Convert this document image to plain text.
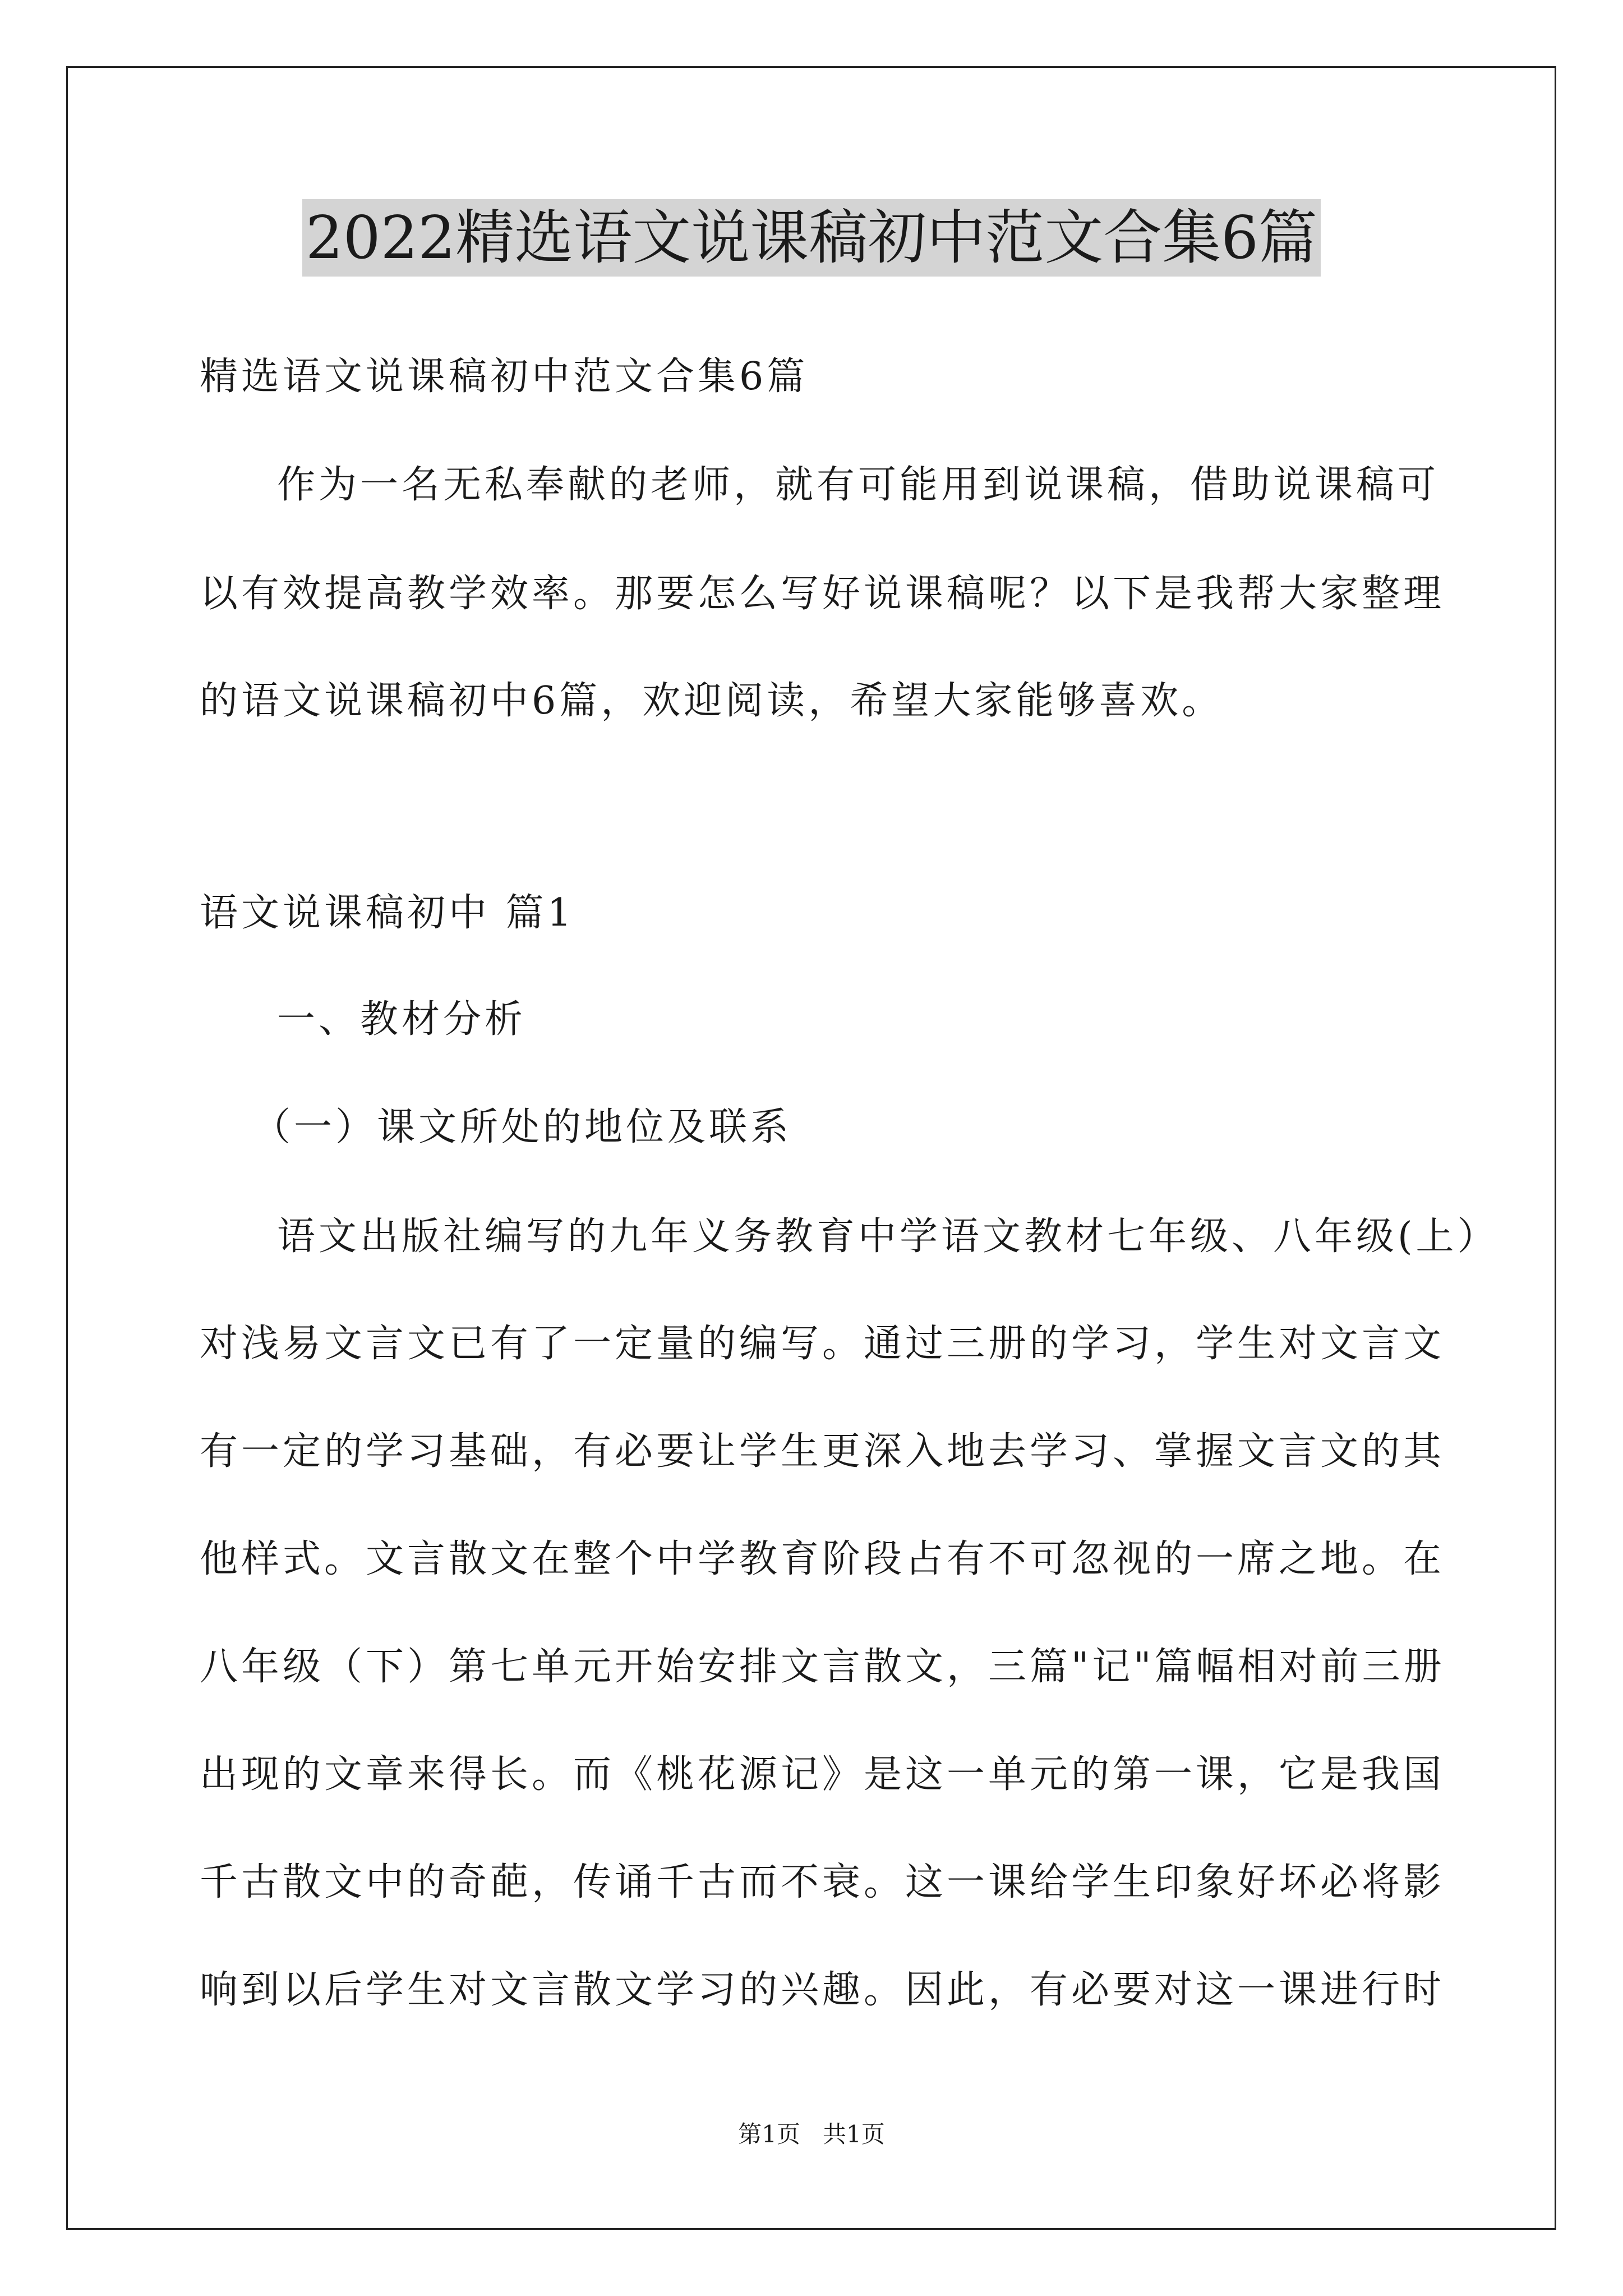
2022精选语文说课稿初中范文合集6篇
精选语文说课稿初中范文合集6篇
作为一名无私奉献的老师，就有可能用到说课稿，借助说课稿可
以有效提高教学效率。那要怎么写好说课稿呢？以下是我帮大家整理
的语文说课稿初中6篇，欢迎阅读，希望大家能够喜欢。
语文说课稿初中 篇1
一、教材分析
（一）课文所处的地位及联系
语文出版社编写的九年义务教育中学语文教材七年级、八年级(上）
对浅易文言文已有了一定量的编写。通过三册的学习，学生对文言文
有一定的学习基础，有必要让学生更深入地去学习、掌握文言文的其
他样式。文言散文在整个中学教育阶段占有不可忽视的一席之地。在
八年级（下）第七单元开始安排文言散文，三篇"记"篇幅相对前三册
出现的文章来得长。而《桃花源记》是这一单元的第一课，它是我国
千古散文中的奇葩，传诵千古而不衰。这一课给学生印象好坏必将影
响到以后学生对文言散文学习的兴趣。因此，有必要对这一课进行时
第1页   共1页
